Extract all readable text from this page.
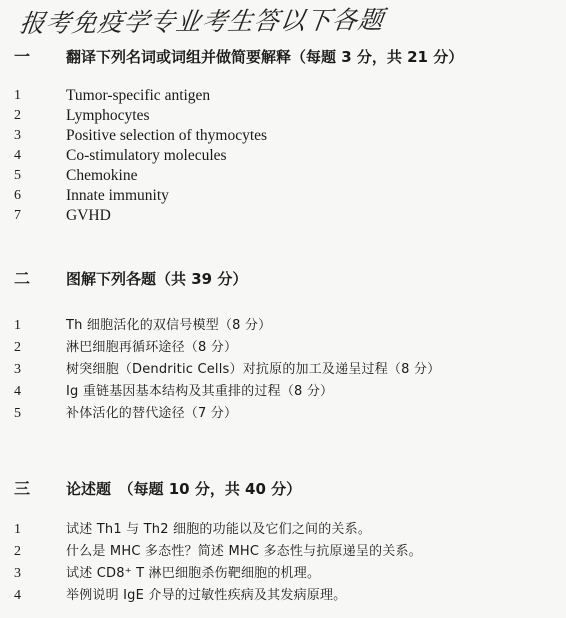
报考免疫学专业考生答以下各题
一 翻译下列名词或词组并做简要解释（每题 3 分，共 21 分）
1	Tumor-specific antigen
2	Lymphocytes
3	Positive selection of thymocytes
4	Co-stimulatory molecules
5	Chemokine
6	Innate immunity
7	GVHD
二 图解下列各题（共 39 分）
1	Th 细胞活化的双信号模型（8 分）
2	淋巴细胞再循环途径（8 分）
3	树突细胞（Dendritic Cells）对抗原的加工及递呈过程（8 分）
4	Ig 重链基因基本结构及其重排的过程（8 分）
5	补体活化的替代途径（7 分）
三 论述题　（每题 10 分，共 40 分）
1	试述 Th1 与 Th2 细胞的功能以及它们之间的关系。
2	什么是 MHC 多态性？简述 MHC 多态性与抗原递呈的关系。
3	试述 CD8⁺ T 淋巴细胞杀伤靶细胞的机理。
4	举例说明 IgE 介导的过敏性疾病及其发病原理。
